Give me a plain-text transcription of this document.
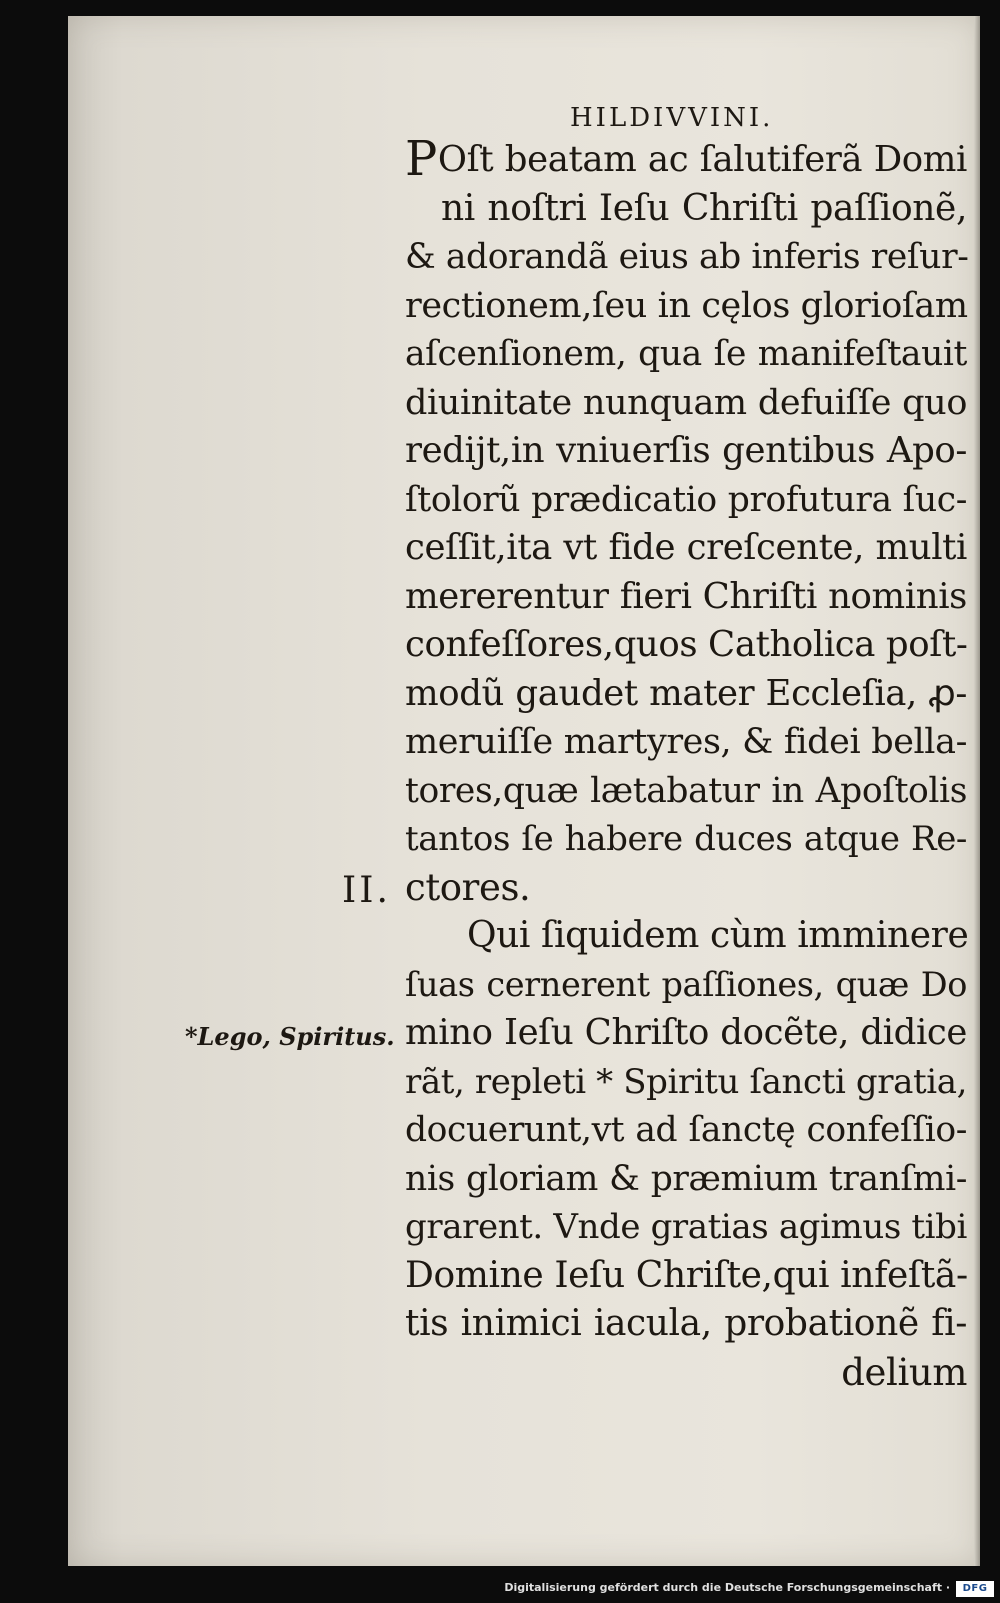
HILDIVVINI.
II.
*Lego, Spiritus.
POſt beatam ac ſalutiferã Domi
ni noſtri Ieſu Chriſti paſſionẽ,
& adorandã eius ab inferis reſur-
rectionem,ſeu in cęlos glorioſam
aſcenſionem, qua ſe manifeſtauit
diuinitate nunquam defuiſſe quo
redijt,in vniuerſis gentibus Apo-
ſtolorũ prædicatio profutura ſuc-
ceſſit,ita vt fide creſcente, multi
mererentur fieri Chriſti nominis
confeſſores,quos Catholica poſt-
modũ gaudet mater Eccleſia, ꝓ-
meruiſſe martyres, & fidei bella-
tores,quæ lætabatur in Apoſtolis
tantos ſe habere duces atque Re-
ctores.
Qui ſiquidem cùm imminere
ſuas cernerent paſſiones, quæ Do
mino Ieſu Chriſto docẽte, didice
rãt, repleti * Spiritu ſancti gratia,
docuerunt,vt ad ſanctę confeſſio-
nis gloriam & præmium tranſmi-
grarent. Vnde gratias agimus tibi
Domine Ieſu Chriſte,qui infeſtã-
tis inimici iacula, probationẽ fi-
delium
Digitalisierung gefördert durch die Deutsche Forschungsgemeinschaft ·	DFG
